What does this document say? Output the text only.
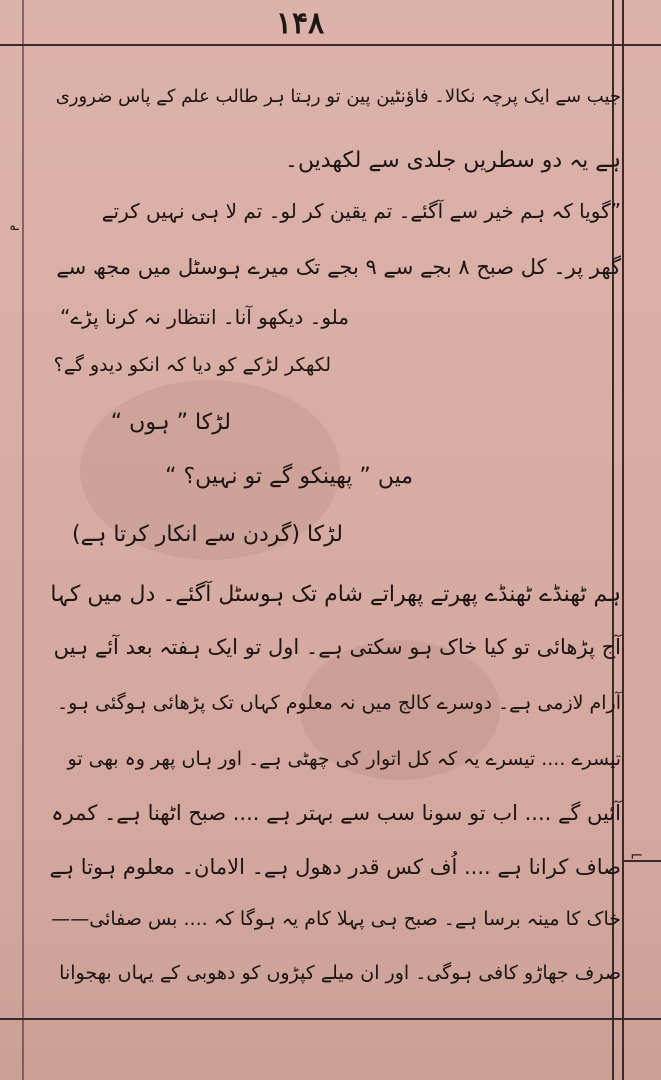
۱۴۸
جیب سے ایک پرچہ نکالا۔ فاؤنٹین پین تو رہتا ہر طالب علم کے پاس ضروری
ہے یہ دو سطریں جلدی سے لکھدیں۔
”گویا کہ ہم خیر سے آگئے۔ تم یقین کر لو۔ تم لا ہی نہیں کرتے
گھر پر۔ کل صبح ۸ بجے سے ۹ بجے تک میرے ہوسٹل میں مجھ سے
ملو۔ دیکھو آنا۔ انتظار نہ کرنا پڑے“
لکھکر لڑکے کو دیا کہ انکو دیدو گے؟
لڑکا ” ہوں “
میں ” پھینکو گے تو نہیں؟ “
لڑکا (گردن سے انکار کرتا ہے)
ہم ٹھنڈے ٹھنڈے پھرتے پھراتے شام تک ہوسٹل آگئے۔ دل میں کہا
آج پڑھائی تو کیا خاک ہو سکتی ہے۔ اول تو ایک ہفتہ بعد آئے ہیں
آرام لازمی ہے۔ دوسرے کالج میں نہ معلوم کہاں تک پڑھائی ہوگئی ہو۔
تیسرے .... تیسرے یہ کہ کل اتوار کی چھٹی ہے۔ اور ہاں پھر وہ بھی تو
آئیں گے .... اب تو سونا سب سے بہتر ہے .... صبح اٹھنا ہے۔ کمرہ
صاف کرانا ہے .... اُف کس قدر دھول ہے۔ الامان۔ معلوم ہوتا ہے
خاک کا مینہ برسا ہے۔ صبح ہی پہلا کام یہ ہوگا کہ .... بس صفائی——
صرف جھاڑو کافی ہوگی۔ اور ان میلے کپڑوں کو دھوبی کے یہاں بھجوانا
؎
⌐
